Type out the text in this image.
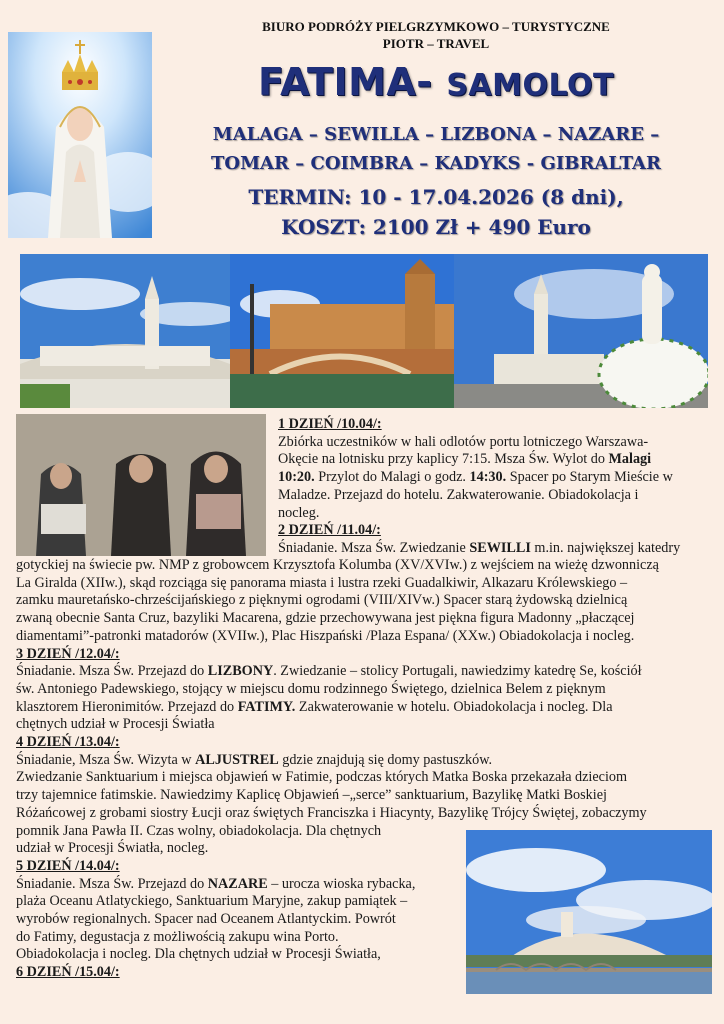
BIURO PODRÓŻY PIELGRZYMKOWO – TURYSTYCZNE
PIOTR – TRAVEL
FATIMA- SAMOLOT
MALAGA – SEWILLA – LIZBONA – NAZARE –
TOMAR – COIMBRA – KADYKS - GIBRALTAR
TERMIN: 10 - 17.04.2026 (8 dni),
KOSZT: 2100 Zł + 490 Euro

1 DZIEŃ /10.04/:

Zbiórka uczestników w hali odlotów portu lotniczego Warszawa-

Okęcie na lotnisku przy kaplicy 7:15. Msza Św. Wylot do Malagi

10:20. Przylot do Malagi o godz. 14:30. Spacer po Starym Mieście w

Maladze. Przejazd do hotelu. Zakwaterowanie. Obiadokolacja i

nocleg.

2 DZIEŃ /11.04/:

Śniadanie. Msza Św. Zwiedzanie SEWILLI m.in. największej katedry

gotyckiej na świecie pw. NMP z grobowcem Krzysztofa Kolumba (XV/XVIw.) z wejściem na wieżę dzwonniczą

La Giralda (XIIw.), skąd rozciąga się panorama miasta i lustra rzeki Guadalkiwir, Alkazaru Królewskiego –

zamku mauretańsko-chrześcijańskiego z pięknymi ogrodami (VIII/XIVw.) Spacer starą żydowską dzielnicą

zwaną obecnie Santa Cruz, bazyliki Macarena, gdzie przechowywana jest piękna figura Madonny „płaczącej

diamentami”-patronki matadorów (XVIIw.), Plac Hiszpański /Plaza Espana/ (XXw.) Obiadokolacja i nocleg.

3 DZIEŃ /12.04/:

Śniadanie. Msza Św. Przejazd do LIZBONY. Zwiedzanie – stolicy Portugali, nawiedzimy katedrę Se, kościół

św. Antoniego Padewskiego, stojący w miejscu domu rodzinnego Świętego, dzielnica Belem z pięknym

klasztorem Hieronimitów. Przejazd do FATIMY. Zakwaterowanie w hotelu. Obiadokolacja i nocleg. Dla

chętnych udział w Procesji Światła

4 DZIEŃ /13.04/:

Śniadanie, Msza Św. Wizyta w ALJUSTREL gdzie znajdują się domy pastuszków.

Zwiedzanie Sanktuarium i miejsca objawień w Fatimie, podczas których Matka Boska przekazała dzieciom

trzy tajemnice fatimskie. Nawiedzimy Kaplicę Objawień –„serce” sanktuarium, Bazylikę Matki Boskiej

Różańcowej z grobami siostry Łucji oraz świętych Franciszka i Hiacynty, Bazylikę Trójcy Świętej, zobaczymy

pomnik Jana Pawła II. Czas wolny, obiadokolacja. Dla chętnych

udział w Procesji Światła, nocleg.

5 DZIEŃ /14.04/:

Śniadanie. Msza Św. Przejazd do NAZARE – urocza wioska rybacka,

plaża Oceanu Atlatyckiego, Sanktuarium Maryjne, zakup pamiątek –

wyrobów regionalnych. Spacer nad Oceanem Atlantyckim. Powrót

do Fatimy, degustacja z możliwością zakupu wina Porto.

Obiadokolacja i nocleg. Dla chętnych udział w Procesji Światła,

6 DZIEŃ /15.04/:
